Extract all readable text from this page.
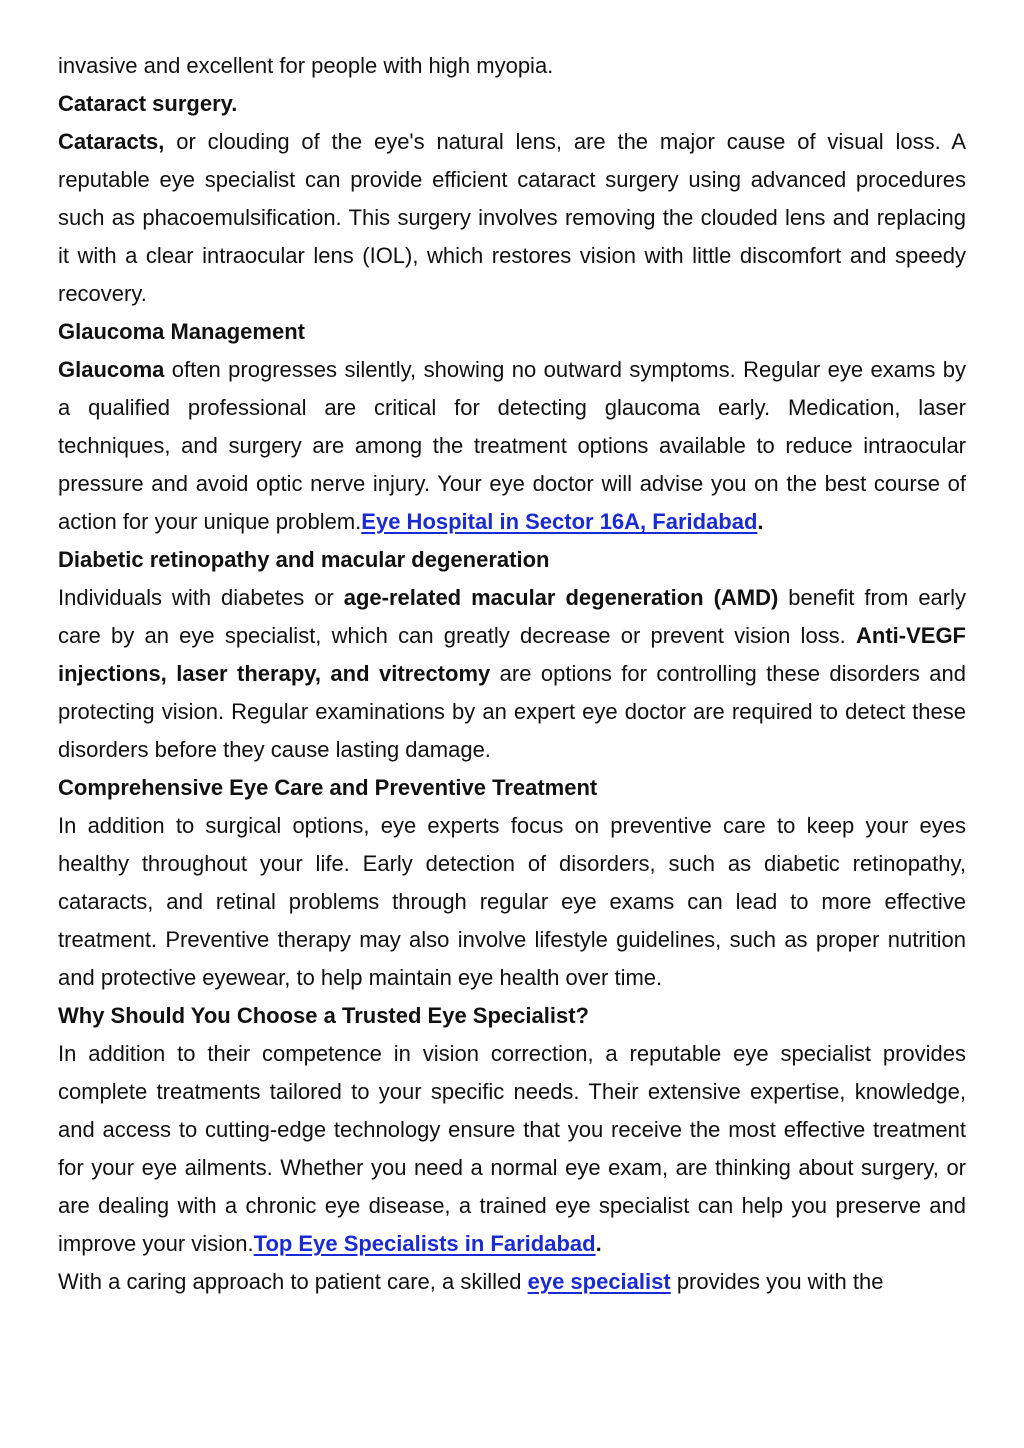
invasive and excellent for people with high myopia.

Cataract surgery.

Cataracts, or clouding of the eye's natural lens, are the major cause of visual loss. A reputable eye specialist can provide efficient cataract surgery using advanced procedures such as phacoemulsification. This surgery involves removing the clouded lens and replacing it with a clear intraocular lens (IOL), which restores vision with little discomfort and speedy recovery.

Glaucoma Management

Glaucoma often progresses silently, showing no outward symptoms. Regular eye exams by a qualified professional are critical for detecting glaucoma early. Medication, laser techniques, and surgery are among the treatment options available to reduce intraocular pressure and avoid optic nerve injury. Your eye doctor will advise you on the best course of action for your unique problem.Eye Hospital in Sector 16A, Faridabad.

Diabetic retinopathy and macular degeneration

Individuals with diabetes or age-related macular degeneration (AMD) benefit from early care by an eye specialist, which can greatly decrease or prevent vision loss. Anti-VEGF injections, laser therapy, and vitrectomy are options for controlling these disorders and protecting vision. Regular examinations by an expert eye doctor are required to detect these disorders before they cause lasting damage.

Comprehensive Eye Care and Preventive Treatment

In addition to surgical options, eye experts focus on preventive care to keep your eyes healthy throughout your life. Early detection of disorders, such as diabetic retinopathy, cataracts, and retinal problems through regular eye exams can lead to more effective treatment. Preventive therapy may also involve lifestyle guidelines, such as proper nutrition and protective eyewear, to help maintain eye health over time.

Why Should You Choose a Trusted Eye Specialist?

In addition to their competence in vision correction, a reputable eye specialist provides complete treatments tailored to your specific needs. Their extensive expertise, knowledge, and access to cutting-edge technology ensure that you receive the most effective treatment for your eye ailments. Whether you need a normal eye exam, are thinking about surgery, or are dealing with a chronic eye disease, a trained eye specialist can help you preserve and improve your vision.Top Eye Specialists in Faridabad.

With a caring approach to patient care, a skilled eye specialist provides you with the
